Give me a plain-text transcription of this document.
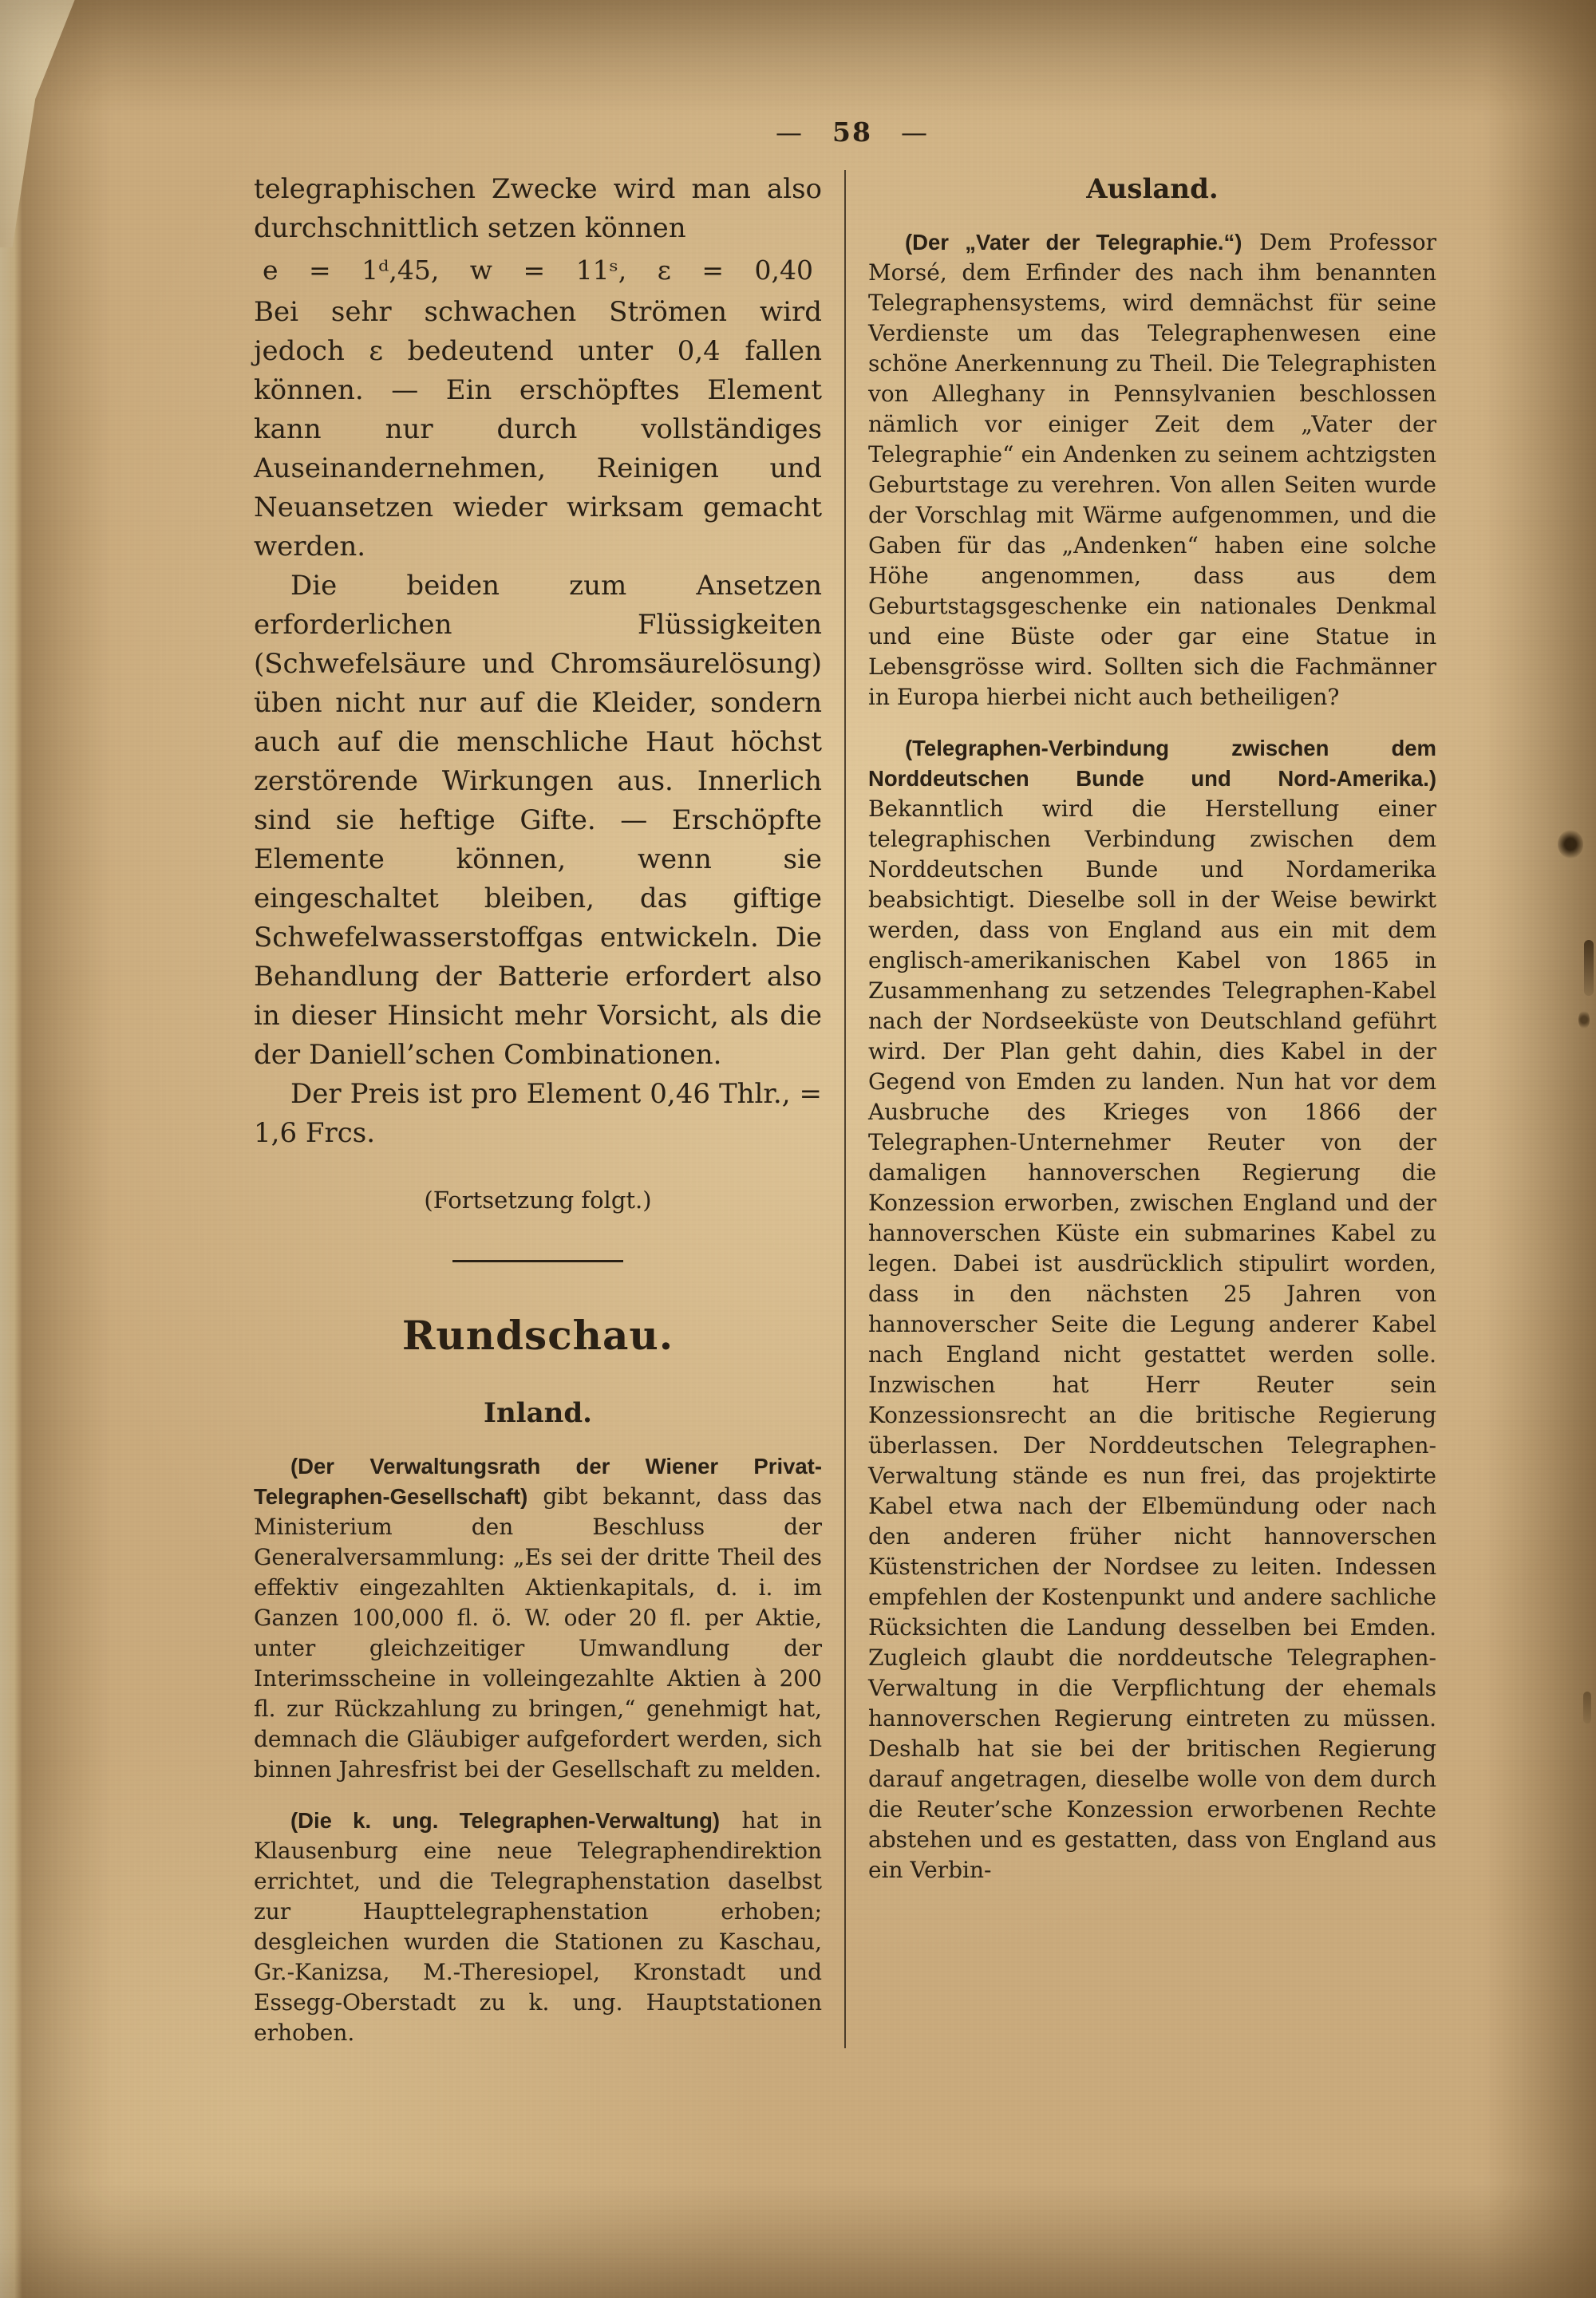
— 58 —

telegraphischen Zwecke wird man also durchschnittlich setzen können

e = 1ᵈ,45, w = 11ˢ, ε = 0,40

Bei sehr schwachen Strömen wird jedoch ε bedeutend unter 0,4 fallen können. — Ein erschöpftes Element kann nur durch vollständiges Auseinandernehmen, Reinigen und Neuansetzen wieder wirksam gemacht werden.

Die beiden zum Ansetzen erforderlichen Flüssigkeiten (Schwefelsäure und Chromsäurelösung) üben nicht nur auf die Kleider, sondern auch auf die menschliche Haut höchst zerstörende Wirkungen aus. Innerlich sind sie heftige Gifte. — Erschöpfte Elemente können, wenn sie eingeschaltet bleiben, das giftige Schwefelwasserstoffgas entwickeln. Die Behandlung der Batterie erfordert also in dieser Hinsicht mehr Vorsicht, als die der Daniell’schen Combinationen.

Der Preis ist pro Element 0,46 Thlr., = 1,6 Frcs.

(Fortsetzung folgt.)

Rundschau.
Inland.

(Der Verwaltungsrath der Wiener Privat-Telegraphen-Gesellschaft) gibt bekannt, dass das Ministerium den Beschluss der Generalversammlung: „Es sei der dritte Theil des effektiv eingezahlten Aktienkapitals, d. i. im Ganzen 100,000 fl. ö. W. oder 20 fl. per Aktie, unter gleichzeitiger Umwandlung der Interimsscheine in volleingezahlte Aktien à 200 fl. zur Rückzahlung zu bringen,“ genehmigt hat, demnach die Gläubiger aufgefordert werden, sich binnen Jahresfrist bei der Gesellschaft zu melden.

(Die k. ung. Telegraphen-Verwaltung) hat in Klausenburg eine neue Telegraphendirektion errichtet, und die Telegraphenstation daselbst zur Haupttelegraphenstation erhoben; desgleichen wurden die Stationen zu Kaschau, Gr.-Kanizsa, M.-Theresiopel, Kronstadt und Essegg-Oberstadt zu k. ung. Hauptstationen erhoben.

Ausland.

(Der „Vater der Telegraphie.“) Dem Professor Morsé, dem Erfinder des nach ihm benannten Telegraphensystems, wird demnächst für seine Verdienste um das Telegraphenwesen eine schöne Anerkennung zu Theil. Die Telegraphisten von Alleghany in Pennsylvanien beschlossen nämlich vor einiger Zeit dem „Vater der Telegraphie“ ein Andenken zu seinem achtzigsten Geburtstage zu verehren. Von allen Seiten wurde der Vorschlag mit Wärme aufgenommen, und die Gaben für das „Andenken“ haben eine solche Höhe angenommen, dass aus dem Geburtstagsgeschenke ein nationales Denkmal und eine Büste oder gar eine Statue in Lebensgrösse wird. Sollten sich die Fachmänner in Europa hierbei nicht auch betheiligen?

(Telegraphen-Verbindung zwischen dem Norddeutschen Bunde und Nord-Amerika.) Bekanntlich wird die Herstellung einer telegraphischen Verbindung zwischen dem Norddeutschen Bunde und Nordamerika beabsichtigt. Dieselbe soll in der Weise bewirkt werden, dass von England aus ein mit dem englisch-amerikanischen Kabel von 1865 in Zusammenhang zu setzendes Telegraphen-Kabel nach der Nordseeküste von Deutschland geführt wird. Der Plan geht dahin, dies Kabel in der Gegend von Emden zu landen. Nun hat vor dem Ausbruche des Krieges von 1866 der Telegraphen-Unternehmer Reuter von der damaligen hannoverschen Regierung die Konzession erworben, zwischen England und der hannoverschen Küste ein submarines Kabel zu legen. Dabei ist ausdrücklich stipulirt worden, dass in den nächsten 25 Jahren von hannoverscher Seite die Legung anderer Kabel nach England nicht gestattet werden solle. Inzwischen hat Herr Reuter sein Konzessionsrecht an die britische Regierung überlassen. Der Norddeutschen Telegraphen-Verwaltung stände es nun frei, das projektirte Kabel etwa nach der Elbemündung oder nach den anderen früher nicht hannoverschen Küstenstrichen der Nordsee zu leiten. Indessen empfehlen der Kostenpunkt und andere sachliche Rücksichten die Landung desselben bei Emden. Zugleich glaubt die norddeutsche Telegraphen-Verwaltung in die Verpflichtung der ehemals hannoverschen Regierung eintreten zu müssen. Deshalb hat sie bei der britischen Regierung darauf angetragen, dieselbe wolle von dem durch die Reuter’sche Konzession erworbenen Rechte abstehen und es gestatten, dass von England aus ein Verbin-
